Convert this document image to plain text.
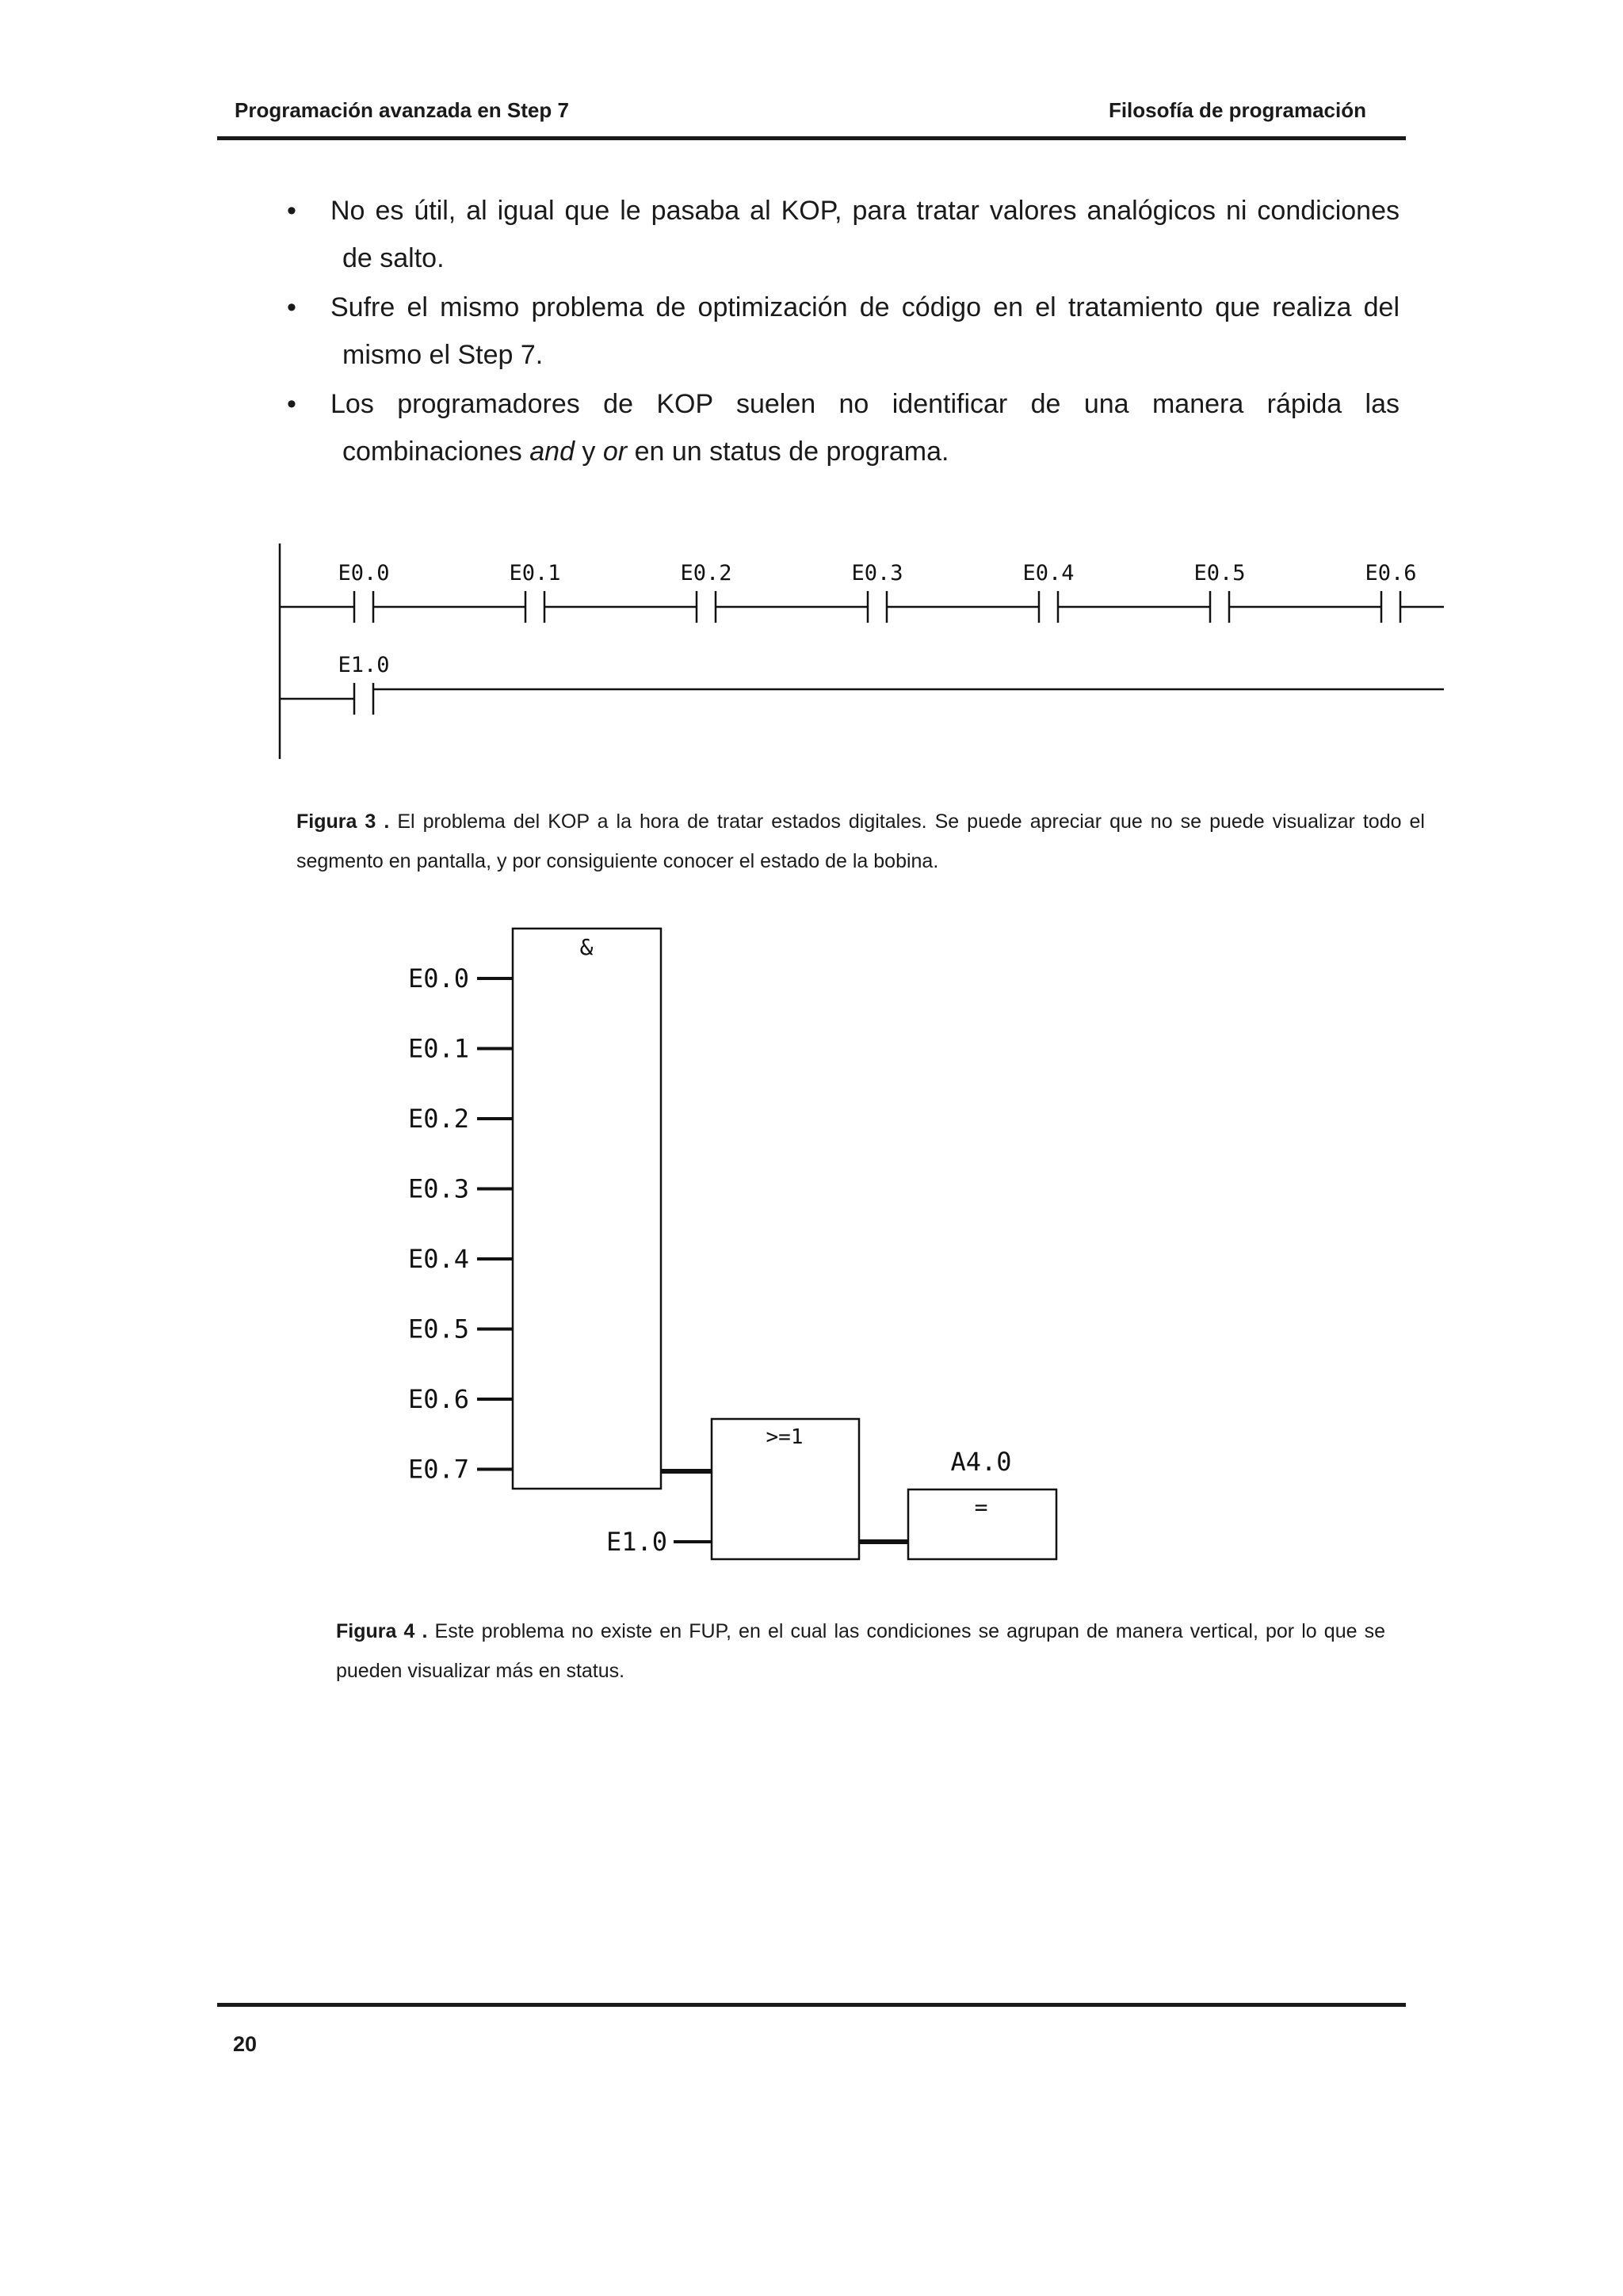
Programación avanzada en Step 7	Filosofía de programación
• No es útil, al igual que le pasaba al KOP, para tratar valores analógicos ni condiciones
de salto.
• Sufre el mismo problema de optimización de código en el tratamiento que realiza del
mismo el Step 7.
• Los programadores de KOP suelen no identificar de una manera rápida las
combinaciones and y or en un status de programa.
E0.0	E0.1	E0.2	E0.3	E0.4	E0.5	E0.6
E1.0
Figura 3 . El problema del KOP a la hora de tratar estados digitales. Se puede apreciar que no se puede visualizar todo el segmento en pantalla, y por consiguiente conocer el estado de la bobina.
&
E0.0
E0.1
E0.2
E0.3
E0.4
E0.5
E0.6
E0.7
>=1
E1.0
A4.0
=
Figura 4 . Este problema no existe en FUP, en el cual las condiciones se agrupan de manera vertical, por lo que se pueden visualizar más en status.
20
